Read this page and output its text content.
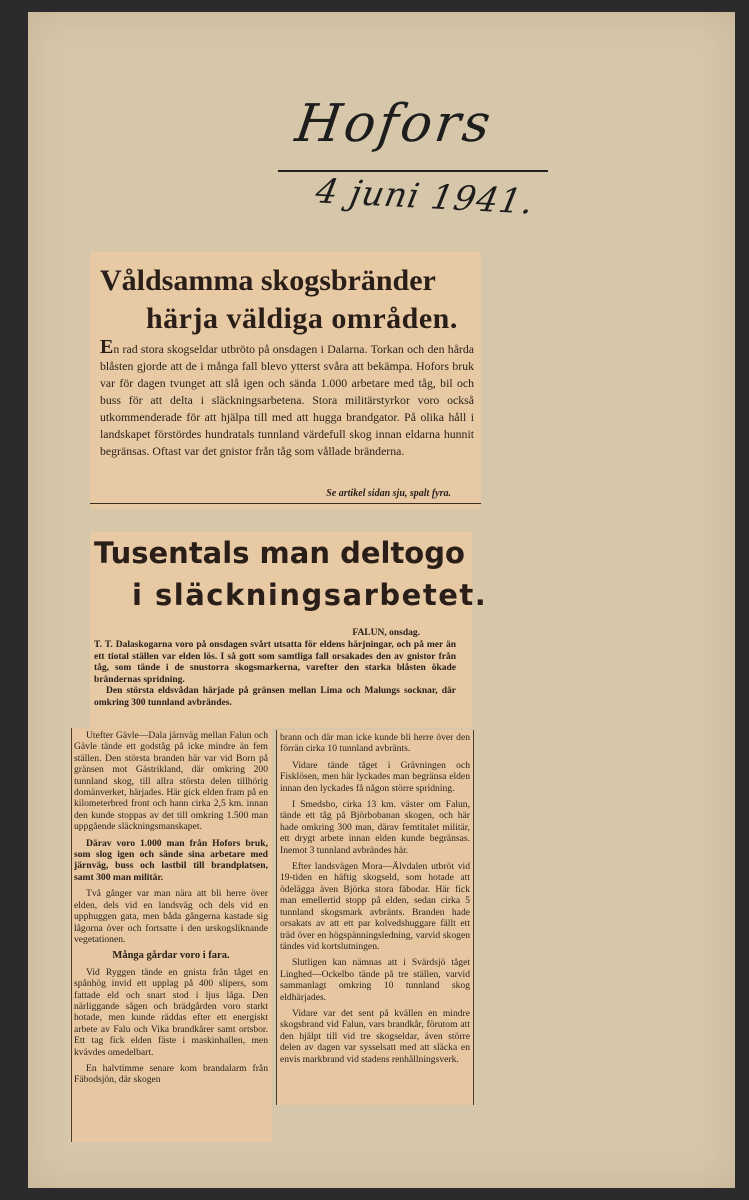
Hofors
4 juni 1941.
Våldsamma skogsbränder
härja väldiga områden.
En rad stora skogseldar utbröto på onsdagen i Dalarna. Torkan och den hårda blåsten gjorde att de i många fall blevo ytterst svåra att bekämpa. Hofors bruk var för dagen tvunget att slå igen och sända 1.000 arbetare med tåg, bil och buss för att delta i släckningsarbetena. Stora militärstyrkor voro också utkommenderade för att hjälpa till med att hugga brandgator. På olika håll i landskapet förstördes hundratals tunnland värdefull skog innan eldarna hunnit begränsas. Oftast var det gnistor från tåg som vållade bränderna.
Se artikel sidan sju, spalt fyra.
Tusentals man deltogo
i släckningsarbetet.
FALUN, onsdag.
T. T. Dalaskogarna voro på onsdagen svårt utsatta för eldens härjningar, och på mer än ett tiotal ställen var elden lös. I så gott som samtliga fall orsakades den av gnistor från tåg, som tände i de snustorra skogsmarkerna, varefter den starka blåsten ökade brändernas spridning.
Den största eldsvådan härjade på gränsen mellan Lima och Malungs socknar, där omkring 300 tunnland avbrändes.

Utefter Gävle—Dala järnväg mellan Falun och Gävle tände ett godståg på icke mindre än fem ställen. Den största branden här var vid Born på gränsen mot Gästrikland, där omkring 200 tunnland skog, till allra största delen tillhörig domänverket, härjades. Här gick elden fram på en kilometerbred front och hann cirka 2,5 km. innan den kunde stoppas av det till omkring 1.500 man uppgående släckningsmanskapet.

Därav voro 1.000 man från Hofors bruk, som slog igen och sände sina arbetare med järnväg, buss och lastbil till brandplatsen, samt 300 man militär.

Två gånger var man nära att bli herre över elden, dels vid en landsväg och dels vid en upphuggen gata, men båda gångerna kastade sig lågorna över och fortsatte i den urskogsliknande vegetationen.

Många gårdar voro i fara.

Vid Ryggen tände en gnista från tåget en spånhög invid ett upplag på 400 slipers, som fattade eld och snart stod i ljus låga. Den närliggande sågen och brädgården voro starkt hotade, men kunde räddas efter ett energiskt arbete av Falu och Vika brandkårer samt ortsbor. Ett tag fick elden fäste i maskinhallen, men kvävdes omedelbart.

En halvtimme senare kom brandalarm från Fäbodsjön, där skogen

brann och där man icke kunde bli herre över den förrän cirka 10 tunnland avbränts.

Vidare tände tåget i Grävningen och Fisklösen, men här lyckades man begränsa elden innan den lyckades få någon större spridning.

I Smedsbo, cirka 13 km. väster om Falun, tände ett tåg på Björbobanan skogen, och här hade omkring 300 man, därav femtitalet militär, ett drygt arbete innan elden kunde begränsas. Inemot 3 tunnland avbrändes här.

Efter landsvägen Mora—Älvdalen utbröt vid 19-tiden en häftig skogseld, som hotade att ödelägga även Björka stora fäbodar. Här fick man emellertid stopp på elden, sedan cirka 5 tunnland skogsmark avbränts. Branden hade orsakats av att ett par kolvedshuggare fällt ett träd över en högspänningsledning, varvid skogen tändes vid kortslutningen.

Slutligen kan nämnas att i Svärdsjö tåget Linghed—Ockelbo tände på tre ställen, varvid sammanlagt omkring 10 tunnland skog eldhärjades.

Vidare var det sent på kvällen en mindre skogsbrand vid Falun, vars brandkår, förutom att den hjälpt till vid tre skogseldar, även större delen av dagen var sysselsatt med att släcka en envis markbrand vid stadens renhållningsverk.
